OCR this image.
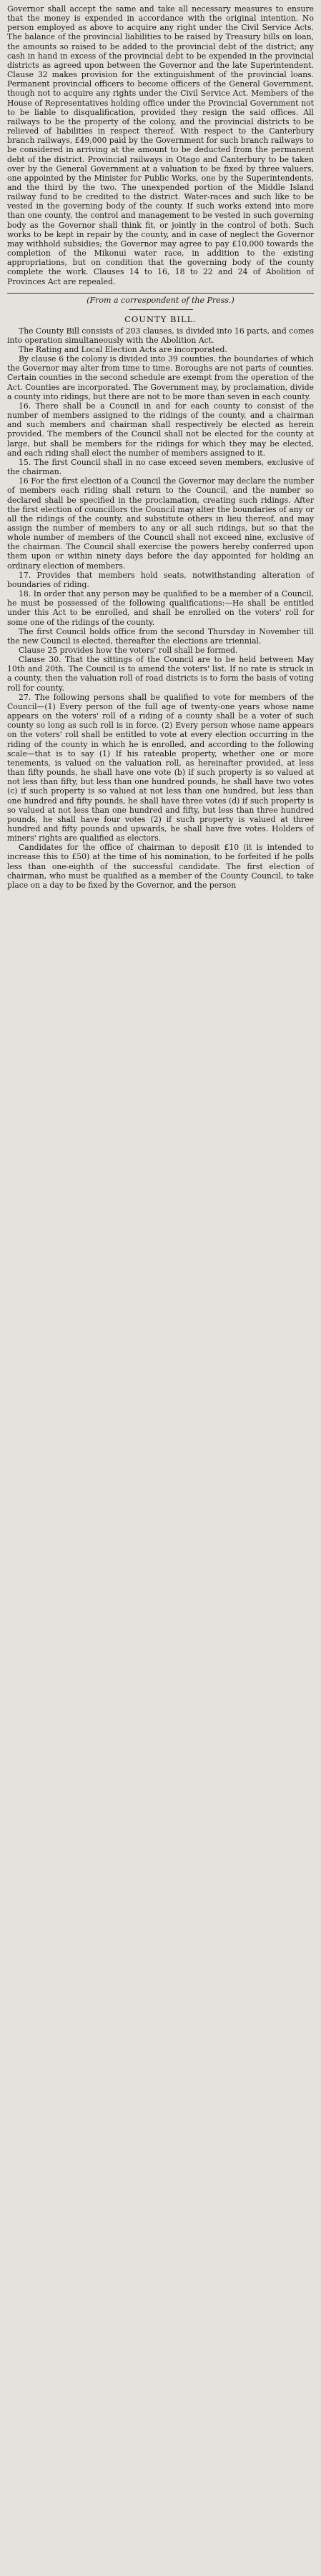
Governor shall accept the same and take all necessary measures to ensure that the money is expended in accordance with the original intention. No person employed as above to acquire any right under the Civil Service Acts. The balance of the provincial liabilities to be raised by Treasury bills on loan, the amounts so raised to be added to the provincial debt of the district; any cash in hand in excess of the provincial debt to be expended in the provincial districts as agreed upon between the Governor and the late Superintendent. Clause 32 makes provision for the extinguishment of the provincial loans. Permanent provincial officers to become officers of the General Government, though not to acquire any rights under the Civil Service Act. Members of the House of Representatives holding office under the Provincial Government not to be liable to disqualification, provided they resign the said offices. All railways to be the property of the colony, and the provincial districts to be relieved of liabilities in respect thereof. With respect to the Canterbury branch railways, £49,000 paid by the Government for such branch railways to be considered in arriving at the amount to be deducted from the permanent debt of the district. Provincial railways in Otago and Canterbury to be taken over by the General Government at a valuation to be fixed by three valuers, one appointed by the Minister for Public Works, one by the Superintendents, and the third by the two. The unexpended portion of the Middle Island railway fund to be credited to the district. Water-races and such like to be vested in the governing body of the county. If such works extend into more than one county, the control and management to be vested in such governing body as the Governor shall think fit, or jointly in the control of both. Such works to be kept in repair by the county, and in case of neglect the Governor may withhold subsidies; the Governor may agree to pay £10,000 towards the completion of the Mikonui water race, in addition to the existing appropriations, but on condition that the governing body of the county complete the work. Clauses 14 to 16, 18 to 22 and 24 of Abolition of Provinces Act are repealed.

(From a correspondent of the Press.)

COUNTY BILL.

The County Bill consists of 203 clauses, is divided into 16 parts, and comes into operation simultaneously with the Abolition Act.

The Rating and Local Election Acts are incorporated.

By clause 6 the colony is divided into 39 counties, the boundaries of which the Governor may alter from time to time. Boroughs are not parts of counties. Certain counties in the second schedule are exempt from the operation of the Act. Counties are incorporated. The Government may, by proclamation, divide a county into ridings, but there are not to be more than seven in each county.

16. There shall be a Council in and for each county to consist of the number of members assigned to the ridings of the county, and a chairman and such members and chairman shall respectively be elected as herein provided. The members of the Council shall not be elected for the county at large, but shall be members for the ridings for which they may be elected, and each riding shall elect the number of members assigned to it.

15. The first Council shall in no case exceed seven members, exclusive of the chairman.

16 For the first election of a Council the Governor may declare the number of members each riding shall return to the Council, and the number so declared shall be specified in the proclamation, creating such ridings. After the first election of councillors the Council may alter the boundaries of any or all the ridings of the county, and substitute others in lieu thereof, and may assign the number of members to any or all such ridings, but so that the whole number of members of the Council shall not exceed nine, exclusive of the chairman. The Council shall exercise the powers hereby conferred upon them upon or within ninety days before the day appointed for holding an ordinary election of members.

17. Provides that members hold seats, notwithstanding alteration of boundaries of riding.

18. In order that any person may be qualified to be a member of a Council, he must be possessed of the following qualifications:—He shall be entitled under this Act to be enrolled, and shall be enrolled on the voters' roll for some one of the ridings of the county.

The first Council holds office from the second Thursday in November till the new Council is elected, thereafter the elections are triennial.

Clause 25 provides how the voters' roll shall be formed.

Clause 30. That the sittings of the Council are to be held between May 10th and 20th. The Council is to amend the voters' list. If no rate is struck in a county, then the valuation roll of road districts is to form the basis of voting roll for county.

27. The following persons shall be qualified to vote for members of the Council—(1) Every person of the full age of twenty-one years whose name appears on the voters' roll of a riding of a county shall be a voter of such county so long as such roll is in force. (2) Every person whose name appears on the voters' roll shall be entitled to vote at every election occurring in the riding of the county in which he is enrolled, and according to the following scale—that is to say (1) If his rateable property, whether one or more tenements, is valued on the valuation roll, as hereinafter provided, at less than fifty pounds, he shall have one vote (b) if such property is so valued at not less than fifty, but less than one hundred pounds, he shall have two votes (c) if such property is so valued at not less than one hundred, but less than one hundred and fifty pounds, he shall have three votes (d) if such property is so valued at not less than one hundred and fifty, but less than three hundred pounds, he shall have four votes (2) if such property is valued at three hundred and fifty pounds and upwards, he shall have five votes. Holders of miners' rights are qualified as electors.

Candidates for the office of chairman to deposit £10 (it is intended to increase this to £50) at the time of his nomination, to be forfeited if he polls less than one-eighth of the successful candidate. The first election of chairman, who must be qualified as a member of the County Council, to take place on a day to be fixed by the Governor, and the person
